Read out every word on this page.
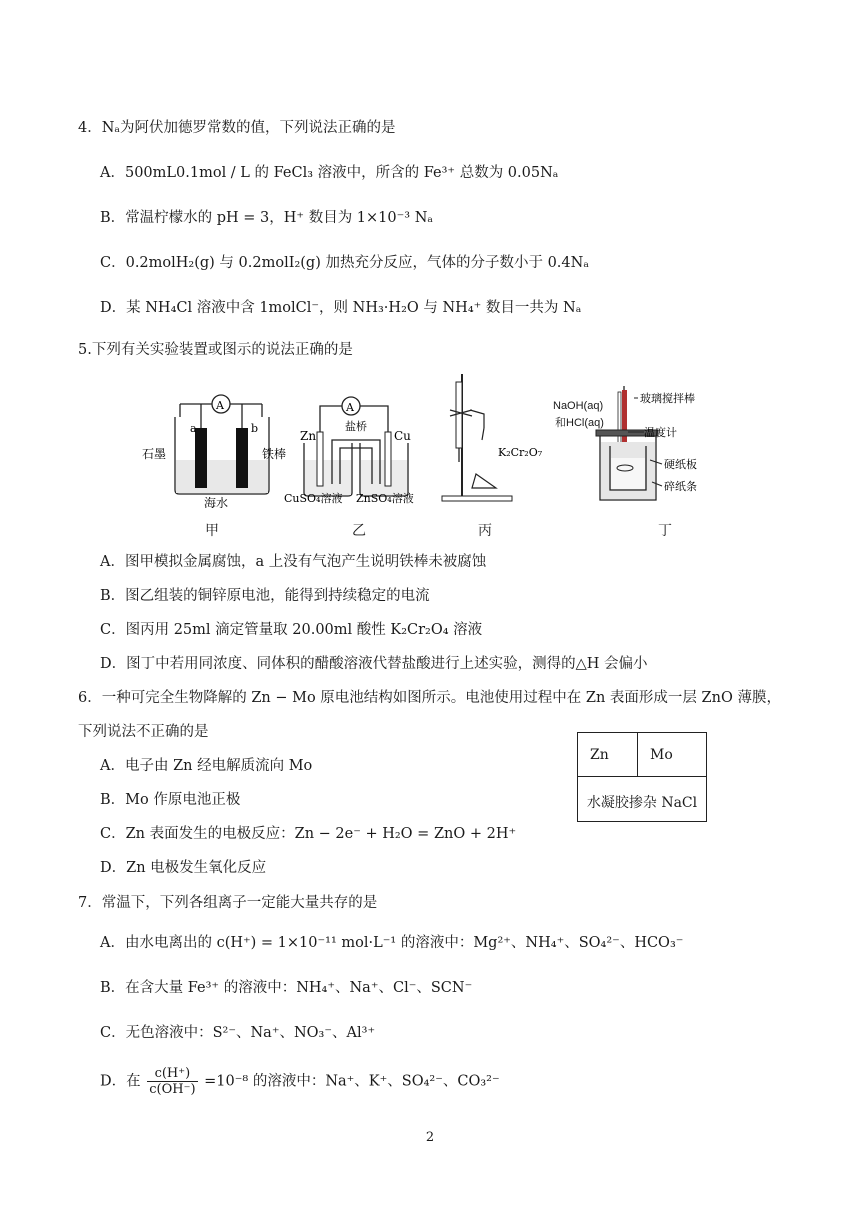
4．Nₐ为阿伏加德罗常数的值，下列说法正确的是
A．500mL0.1mol / L 的 FeCl₃ 溶液中，所含的 Fe³⁺ 总数为 0.05Nₐ
B．常温柠檬水的 pH = 3，H⁺ 数目为 1×10⁻³ Nₐ
C．0.2molH₂(g) 与 0.2molI₂(g) 加热充分反应，气体的分子数小于 0.4Nₐ
D．某 NH₄Cl 溶液中含 1molCl⁻，则 NH₃·H₂O 与 NH₄⁺ 数目一共为 Nₐ
5.下列有关实验装置或图示的说法正确的是
A
a	b
石墨	铁棒
海水
A
盐桥
Zn	Cu
CuSO₄溶液 ZnSO₄溶液
K₂Cr₂O₇
玻璃搅拌棒
温度计
硬纸板
碎纸条
NaOH(aq)
和HCl(aq)
甲	乙	丙	丁
A．图甲模拟金属腐蚀，a 上没有气泡产生说明铁棒未被腐蚀
B．图乙组装的铜锌原电池，能得到持续稳定的电流
C．图丙用 25ml 滴定管量取 20.00ml 酸性 K₂Cr₂O₄ 溶液
D．图丁中若用同浓度、同体积的醋酸溶液代替盐酸进行上述实验，测得的△H 会偏小
6．一种可完全生物降解的 Zn − Mo 原电池结构如图所示。电池使用过程中在 Zn 表面形成一层 ZnO 薄膜，
下列说法不正确的是
A．电子由 Zn 经电解质流向 Mo
B．Mo 作原电池正极
C．Zn 表面发生的电极反应：Zn − 2e⁻ + H₂O = ZnO + 2H⁺
D．Zn 电极发生氧化反应
Zn	Mo
水凝胶掺杂 NaCl
7．常温下，下列各组离子一定能大量共存的是
A．由水电离出的 c(H⁺) = 1×10⁻¹¹ mol·L⁻¹ 的溶液中：Mg²⁺、NH₄⁺、SO₄²⁻、HCO₃⁻
B．在含大量 Fe³⁺ 的溶液中：NH₄⁺、Na⁺、Cl⁻、SCN⁻
C．无色溶液中：S²⁻、Na⁺、NO₃⁻、Al³⁺
D．在 $\frac{c(H^+)}{c(OH^-)} =10^{-8}$ 的溶液中：Na⁺、K⁺、SO₄²⁻、CO₃²⁻
2
